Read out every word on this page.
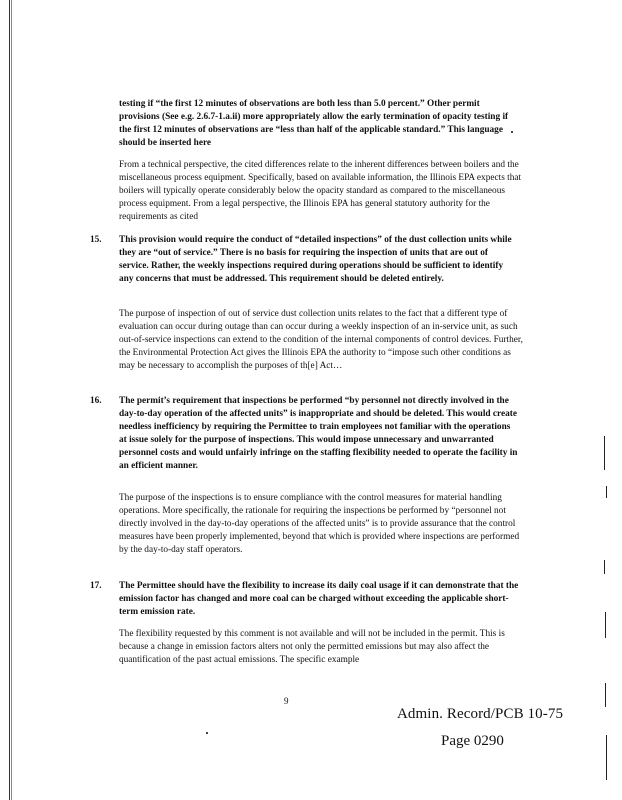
testing if “the first 12 minutes of observations are both less than 5.0 percent.” Other permit provisions (See e.g. 2.6.7-1.a.ii) more appropriately allow the early termination of opacity testing if the first 12 minutes of observations are “less than half of the applicable standard.” This language should be inserted here

From a technical perspective, the cited differences relate to the inherent differences between boilers and the miscellaneous process equipment. Specifically, based on available information, the Illinois EPA expects that boilers will typically operate considerably below the opacity standard as compared to the miscellaneous process equipment. From a legal perspective, the Illinois EPA has general statutory authority for the requirements as cited

15. This provision would require the conduct of “detailed inspections” of the dust collection units while they are “out of service.” There is no basis for requiring the inspection of units that are out of service. Rather, the weekly inspections required during operations should be sufficient to identify any concerns that must be addressed. This requirement should be deleted entirely.

The purpose of inspection of out of service dust collection units relates to the fact that a different type of evaluation can occur during outage than can occur during a weekly inspection of an in-service unit, as such out-of-service inspections can extend to the condition of the internal components of control devices. Further, the Environmental Protection Act gives the Illinois EPA the authority to “impose such other conditions as may be necessary to accomplish the purposes of th[e] Act…

16. The permit’s requirement that inspections be performed “by personnel not directly involved in the day-to-day operation of the affected units” is inappropriate and should be deleted. This would create needless inefficiency by requiring the Permittee to train employees not familiar with the operations at issue solely for the purpose of inspections. This would impose unnecessary and unwarranted personnel costs and would unfairly infringe on the staffing flexibility needed to operate the facility in an efficient manner.

The purpose of the inspections is to ensure compliance with the control measures for material handling operations. More specifically, the rationale for requiring the inspections be performed by “personnel not directly involved in the day-to-day operations of the affected units” is to provide assurance that the control measures have been properly implemented, beyond that which is provided where inspections are performed by the day-to-day staff operators.

17. The Permittee should have the flexibility to increase its daily coal usage if it can demonstrate that the emission factor has changed and more coal can be charged without exceeding the applicable short-term emission rate.

The flexibility requested by this comment is not available and will not be included in the permit. This is because a change in emission factors alters not only the permitted emissions but may also affect the quantification of the past actual emissions. The specific example

9
Admin. Record/PCB 10-75
Page 0290
